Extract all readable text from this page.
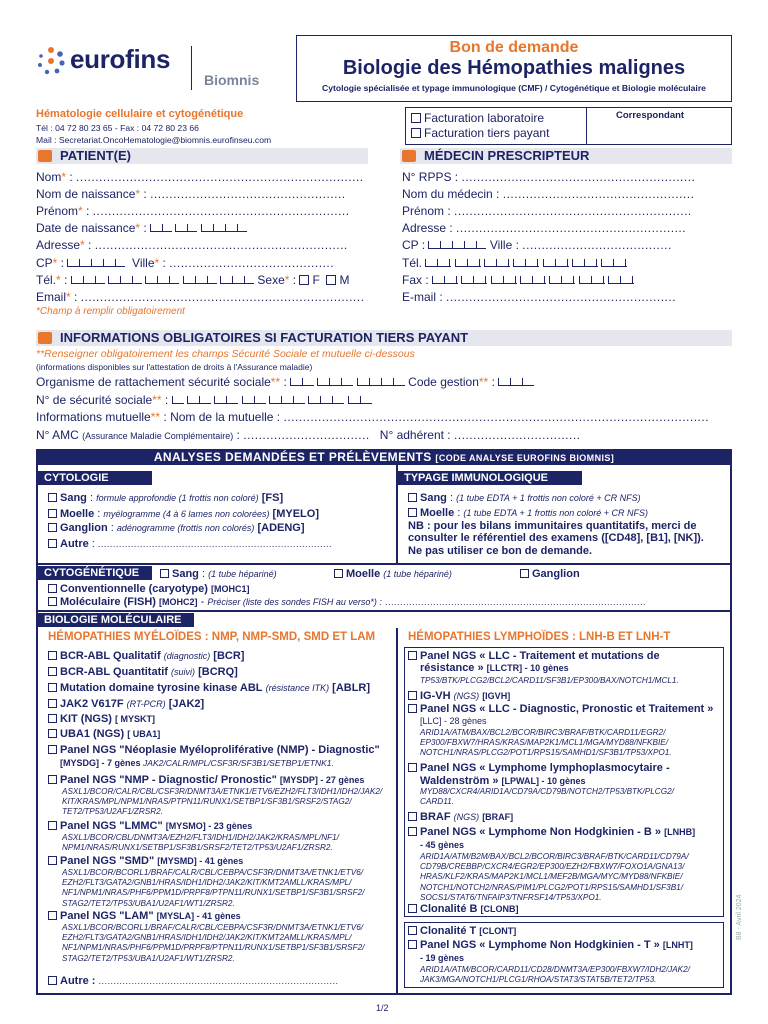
eurofins
Biomnis
Bon de demande
Biologie des Hémopathies malignes
Cytologie spécialisée et typage immunologique (CMF) / Cytogénétique et Biologie moléculaire
Hématologie cellulaire et cytogénétique
Tél : 04 72 80 23 65 - Fax : 04 72 80 23 66
Mail : Secretariat.OncoHematologie@biomnis.eurofinseu.com
Facturation laboratoire
Facturation tiers payant
Correspondant
PATIENT(E)
Nom* : ...........................................................................
Nom de naissance* : ...................................................
Prénom* : ...................................................................
Date de naissance* :
Adresse* : ..................................................................
CP* :	Ville* : ...........................................
Tél.* :	Sexe* : F M
Email* : ..........................................................................
*Champ à remplir obligatoirement
MÉDECIN PRESCRIPTEUR
N° RPPS : .............................................................
Nom du médecin : ..................................................
Prénom : ..............................................................
Adresse : ............................................................
CP :	Ville : .......................................
Tél.
Fax :
E-mail : ............................................................
INFORMATIONS OBLIGATOIRES SI FACTURATION TIERS PAYANT
**Renseigner obligatoirement les champs Sécurité Sociale et mutuelle ci-dessous
(informations disponibles sur l'attestation de droits à l'Assurance maladie)
Organisme de rattachement sécurité sociale** :	Code gestion** :
N° de sécurité sociale** :
Informations mutuelle** : Nom de la mutuelle : ...............................................................................................................
N° AMC (Assurance Maladie Complémentaire) : ................................. N° adhérent : .................................
ANALYSES DEMANDÉES ET PRÉLÈVEMENTS [CODE ANALYSE EUROFINS BIOMNIS]
CYTOLOGIE
Sang : formule approfondie (1 frottis non coloré) [FS]
Moelle : myélogramme (4 à 6 lames non colorées) [MYELO]
Ganglion : adénogramme (frottis non colorés) [ADENG]
Autre : ..............................................................................
TYPAGE IMMUNOLOGIQUE [IPHEN]
Sang : (1 tube EDTA + 1 frottis non coloré + CR NFS)
Moelle : (1 tube EDTA + 1 frottis non coloré + CR NFS)
NB : pour les bilans immunitaires quantitatifs, merci de
consulter le référentiel des examens ([CD48], [B1], [NK]).
Ne pas utiliser ce bon de demande.
CYTOGÉNÉTIQUE	Sang : (1 tube hépariné)	Moelle (1 tube hépariné)	Ganglion
Conventionnelle (caryotype) [MOHC1]
Moléculaire (FISH) [MOHC2] - Préciser (liste des sondes FISH au verso*) : .......................................................................................
BIOLOGIE MOLÉCULAIRE
HÉMOPATHIES MYÉLOÏDES : NMP, NMP-SMD, SMD ET LAM	HÉMOPATHIES LYMPHOÏDES : LNH-B ET LNH-T
BCR-ABL Qualitatif (diagnostic) [BCR]
BCR-ABL Quantitatif (suivi) [BCRQ]
Mutation domaine tyrosine kinase ABL (résistance ITK) [ABLR]
JAK2 V617F (RT-PCR) [JAK2]
KIT (NGS) [ MYSKT]
UBA1 (NGS) [ UBA1]
Panel NGS "Néoplasie Myéloproliférative (NMP) - Diagnostic"
[MYSDG] - 7 gènes JAK2/CALR/MPL/CSF3R/SF3B1/SETBP1/ETNK1.
Panel NGS "NMP - Diagnostic/ Pronostic" [MYSDP] - 27 gènes
ASXL1/BCOR/CALR/CBL/CSF3R/DNMT3A/ETNK1/ETV6/EZH2/FLT3/IDH1/IDH2/JAK2/
KIT/KRAS/MPL/NPM1/NRAS/PTPN11/RUNX1/SETBP1/SF3B1/SRSF2/STAG2/
TET2/TP53/U2AF1/ZRSR2.
Panel NGS "LMMC" [MYSMO] - 23 gènes
ASXL1/BCOR/CBL/DNMT3A/EZH2/FLT3/IDH1/IDH2/JAK2/KRAS/MPL/NF1/
NPM1/NRAS/RUNX1/SETBP1/SF3B1/SRSF2/TET2/TP53/U2AF1/ZRSR2.
Panel NGS "SMD" [MYSMD] - 41 gènes
ASXL1/BCOR/BCORL1/BRAF/CALR/CBL/CEBPA/CSF3R/DNMT3A/ETNK1/ETV6/
EZH2/FLT3/GATA2/GNB1/HRAS/IDH1/IDH2/JAK2/KIT/KMT2AMLL/KRAS/MPL/
NF1/NPM1/NRAS/PHF6/PPM1D/PRPF8/PTPN11/RUNX1/SETBP1/SF3B1/SRSF2/
STAG2/TET2/TP53/UBA1/U2AF1/WT1/ZRSR2.
Panel NGS "LAM" [MYSLA] - 41 gènes
ASXL1/BCOR/BCORL1/BRAF/CALR/CBL/CEBPA/CSF3R/DNMT3A/ETNK1/ETV6/
EZH2/FLT3/GATA2/GNB1/HRAS/IDH1/IDH2/JAK2/KIT/KMT2AMLL/KRAS/MPL/
NF1/NPM1/NRAS/PHF6/PPM1D/PRPF8/PTPN11/RUNX1/SETBP1/SF3B1/SRSF2/
STAG2/TET2/TP53/UBA1/U2AF1/WT1/ZRSR2.
Autre : ................................................................................
Panel NGS « LLC - Traitement et mutations de
résistance » [LLCTR] - 10 gènes
TP53/BTK/PLCG2/BCL2/CARD11/SF3B1/EP300/BAX/NOTCH1/MCL1.
IG-VH (NGS) [IGVH]
Panel NGS « LLC - Diagnostic, Pronostic et Traitement »
[LLC] - 28 gènes
ARID1A/ATM/BAX/BCL2/BCOR/BIRC3/BRAF/BTK/CARD11/EGR2/
EP300/FBXW7/HRAS/KRAS/MAP2K1/MCL1/MGA/MYD88/NFKBIE/
NOTCH1/NRAS/PLCG2/POT1/RPS15/SAMHD1/SF3B1/TP53/XPO1.
Panel NGS « Lymphome lymphoplasmocytaire -
Waldenström » [LPWAL] - 10 gènes
MYD88/CXCR4/ARID1A/CD79A/CD79B/NOTCH2/TP53/BTK/PLCG2/
CARD11.
BRAF (NGS) [BRAF]
Panel NGS « Lymphome Non Hodgkinien - B » [LNHB]
- 45 gènes
ARID1A/ATM/B2M/BAX/BCL2/BCOR/BIRC3/BRAF/BTK/CARD11/CD79A/
CD79B/CREBBP/CXCR4/EGR2/EP300/EZH2/FBXW7/FOXO1A/GNA13/
HRAS/KLF2/KRAS/MAP2K1/MCL1/MEF2B/MGA/MYC/MYD88/NFKBIE/
NOTCH1/NOTCH2/NRAS/PIM1/PLCG2/POT1/RPS15/SAMHD1/SF3B1/
SOCS1/STAT6/TNFAIP3/TNFRSF14/TP53/XPO1.
Clonalité B [CLONB]
Clonalité T [CLONT]
Panel NGS « Lymphome Non Hodgkinien - T » [LNHT]
- 19 gènes
ARID1A/ATM/BCOR/CARD11/CD28/DNMT3A/EP300/FBXW7/IDH2/JAK2/
JAK3/MGA/NOTCH1/PLCG1/RHOA/STAT3/STAT5B/TET2/TP53.
1/2
B8 - Avril 2024
